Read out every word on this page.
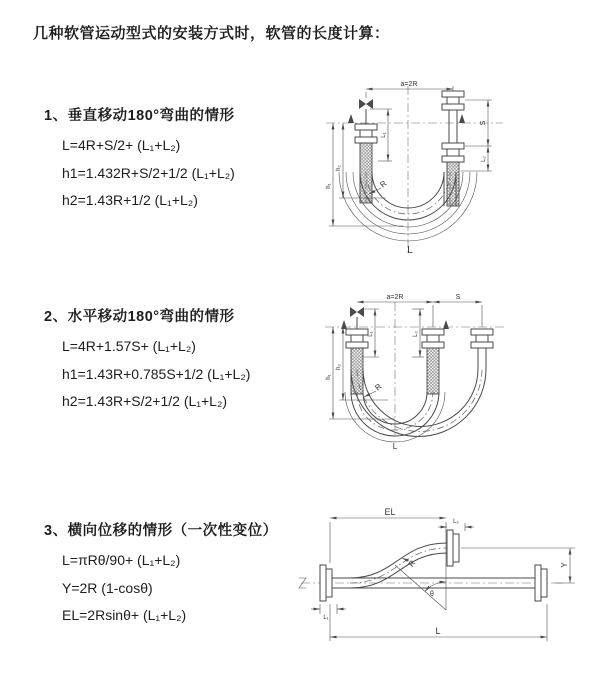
几种软管运动型式的安装方式时，软管的长度计算：
1、垂直移动180°弯曲的情形
L=4R+S/2+ (L₁+L₂)
h1=1.432R+S/2+1/2 (L₁+L₂)
h2=1.43R+1/2 (L₁+L₂)
2、水平移动180°弯曲的情形
L=4R+1.57S+ (L₁+L₂)
h1=1.43R+0.785S+1/2 (L₁+L₂)
h2=1.43R+S/2+1/2 (L₁+L₂)
3、横向位移的情形（一次性变位）
L=πRθ/90+ (L₁+L₂)
Y=2R (1-cosθ)
EL=2Rsinθ+ (L₁+L₂)
a=2R
S
L₂
L₁
h₁
h₂
R
L
a=2R	S
L₁	L₂
h₁
h₂
R
L
EL
L₂
Y
L
L₁
R
θ
